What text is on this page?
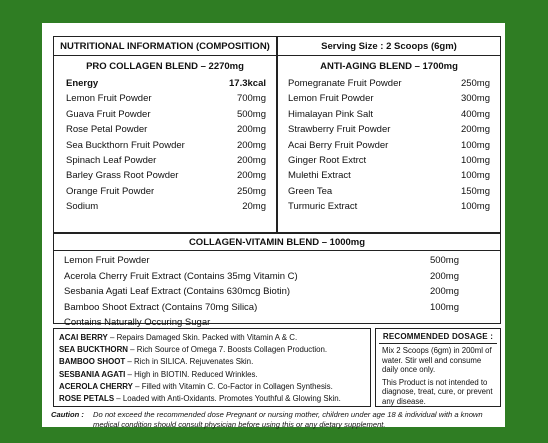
NUTRITIONAL INFORMATION (COMPOSITION)
PRO COLLAGEN BLEND – 2270mg
Energy	17.3kcal
Lemon Fruit Powder	700mg
Guava Fruit Powder	500mg
Rose Petal Powder	200mg
Sea Buckthorn Fruit Powder	200mg
Spinach Leaf Powder	200mg
Barley Grass Root Powder	200mg
Orange Fruit Powder	250mg
Sodium	20mg
Serving Size : 2 Scoops (6gm)
ANTI-AGING BLEND – 1700mg
Pomegranate Fruit Powder	250mg
Lemon Fruit Powder	300mg
Himalayan Pink Salt	400mg
Strawberry Fruit Powder	200mg
Acai Berry Fruit Powder	100mg
Ginger Root Extrct	100mg
Mulethi Extract	100mg
Green Tea	150mg
Turmuric Extract	100mg
COLLAGEN-VITAMIN BLEND – 1000mg
Lemon Fruit Powder	500mg
Acerola Cherry Fruit Extract (Contains 35mg Vitamin C)	200mg
Sesbania Agati Leaf Extract (Contains 630mcg Biotin)	200mg
Bamboo Shoot Extract (Contains 70mg Silica)	100mg
Contains Naturally Occuring Sugar
ACAI BERRY – Repairs Damaged Skin. Packed with Vitamin A & C.
SEA BUCKTHORN – Rich Source of Omega 7. Boosts Collagen Production.
BAMBOO SHOOT – Rich in SILICA. Rejuvenates Skin.
SESBANIA AGATI – High in BIOTIN. Reduced Wrinkles.
ACEROLA CHERRY – Filled with Vitamin C. Co-Factor in Collagen Synthesis.
ROSE PETALS – Loaded with Anti-Oxidants. Promotes Youthful & Glowing Skin.
RECOMMENDED DOSAGE :

Mix 2 Scoops (6gm) in 200ml of water. Stir well and consume daily once only.

This Product is not intended to diagnose, treat, cure, or prevent any disease.

Caution :	Do not exceed the recommended dose Pregnant or nursing mother, children under age 18 & individual with a known medical condition should consult physician before using this or any dietary supplement.
